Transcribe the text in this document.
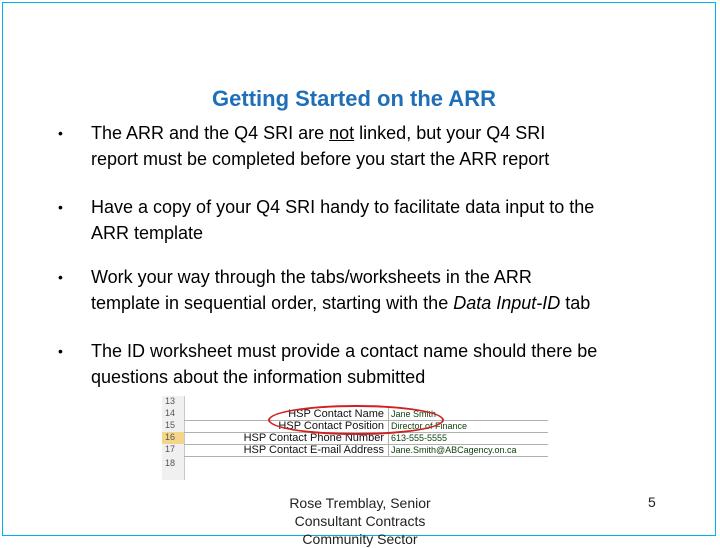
Getting Started on the ARR
• The ARR and the Q4 SRI are not linked, but your Q4 SRI
report must be completed before you start the ARR report
• Have a copy of your Q4 SRI handy to facilitate data input to the
ARR template
• Work your way through the tabs/worksheets in the ARR
template in sequential order, starting with the Data Input-ID tab
• The ID worksheet must provide a contact name should there be
questions about the information submitted
13
14
15
16
17
18
HSP Contact Name Jane Smith
HSP Contact Position Director of Finance
HSP Contact Phone Number 613-555-5555
HSP Contact E-mail Address Jane.Smith@ABCagency.on.ca
Rose Tremblay, Senior
Consultant Contracts
Community Sector
5
